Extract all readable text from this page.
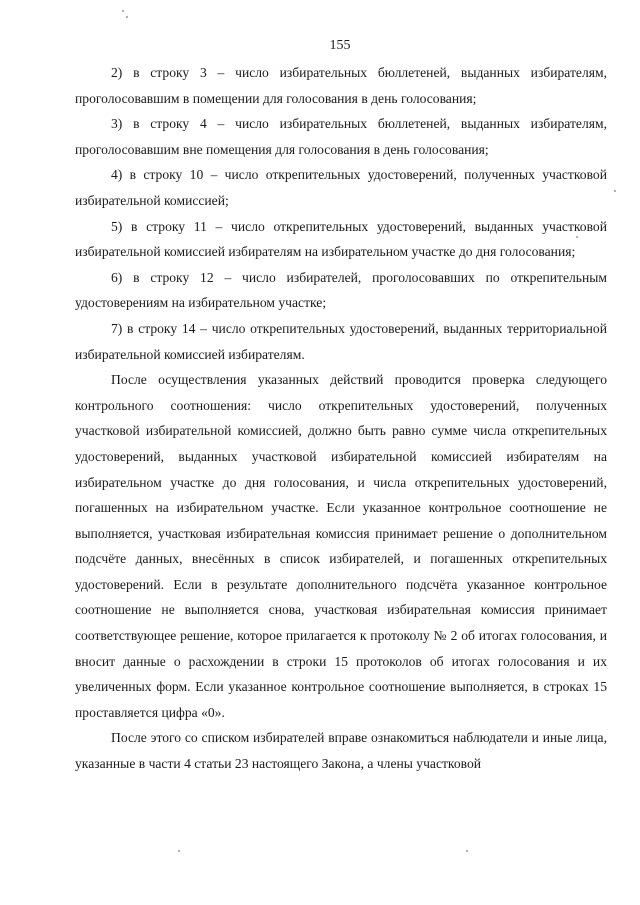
155

2) в строку 3 – число избирательных бюллетеней, выданных избирателям, проголосовавшим в помещении для голосования в день голосования;

3) в строку 4 – число избирательных бюллетеней, выданных избирателям, проголосовавшим вне помещения для голосования в день голосования;

4) в строку 10 – число открепительных удостоверений, полученных участковой избирательной комиссией;

5) в строку 11 – число открепительных удостоверений, выданных участковой избирательной комиссией избирателям на избирательном участке до дня голосования;

6) в строку 12 – число избирателей, проголосовавших по открепительным удостоверениям на избирательном участке;

7) в строку 14 – число открепительных удостоверений, выданных территориальной избирательной комиссией избирателям.

После осуществления указанных действий проводится проверка следующего контрольного соотношения: число открепительных удостоверений, полученных участковой избирательной комиссией, должно быть равно сумме числа открепительных удостоверений, выданных участковой избирательной комиссией избирателям на избирательном участке до дня голосования, и числа открепительных удостоверений, погашенных на избирательном участке. Если указанное контрольное соотношение не выполняется, участковая избирательная комиссия принимает решение о дополнительном подсчёте данных, внесённых в список избирателей, и погашенных открепительных удостоверений. Если в результате дополнительного подсчёта указанное контрольное соотношение не выполняется снова, участковая избирательная комиссия принимает соответствующее решение, которое прилагается к протоколу № 2 об итогах голосования, и вносит данные о расхождении в строки 15 протоколов об итогах голосования и их увеличенных форм. Если указанное контрольное соотношение выполняется, в строках 15 проставляется цифра «0».

После этого со списком избирателей вправе ознакомиться наблюдатели и иные лица, указанные в части 4 статьи 23 настоящего Закона, а члены участковой
